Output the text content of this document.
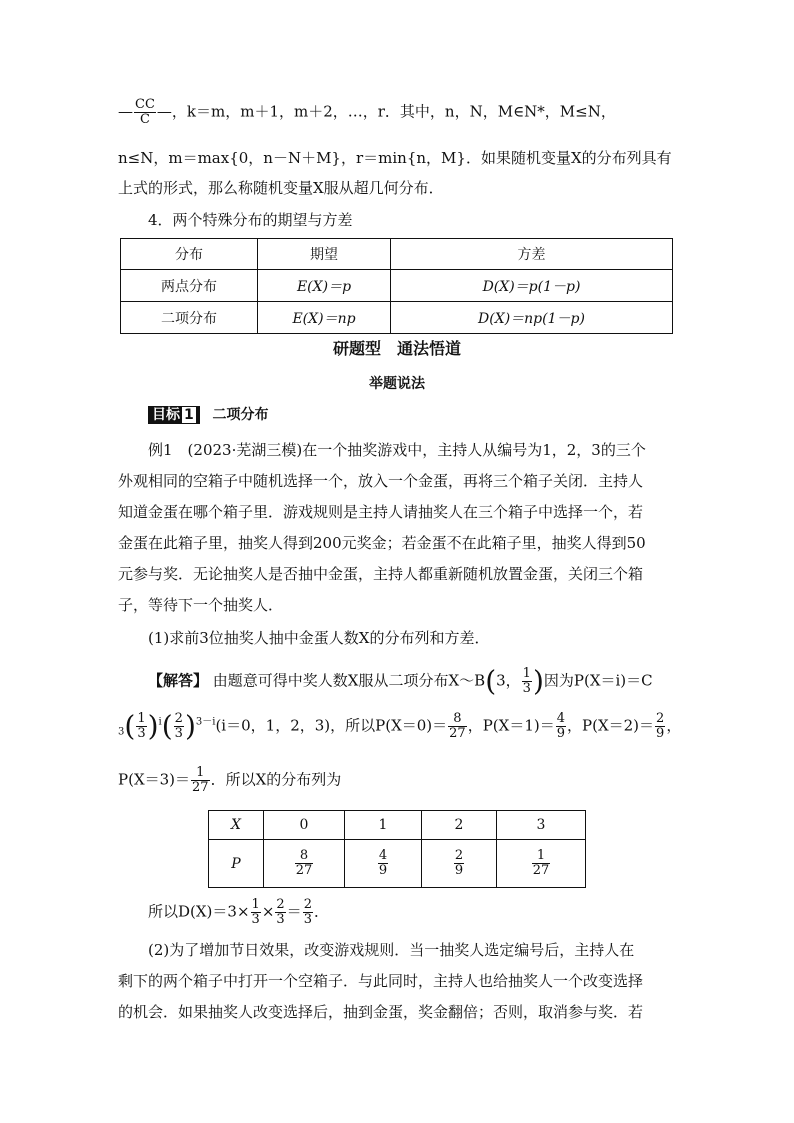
— $\frac{CC}{C}$ —，k＝m，m＋1，m＋2，…，r．其中，n，N，M∈N*，M≤N，
n≤N，m＝max{0，n－N＋M}，r＝min{n，M}．如果随机变量X的分布列具有
上式的形式，那么称随机变量X服从超几何分布．
4．两个特殊分布的期望与方差
分布	期望	方差
两点分布	E(X)＝p	D(X)＝p(1－p)
二项分布	E(X)＝np	D(X)＝np(1－p)
研题型　通法悟道
举题说法
目标 1 二项分布
例1　(2023·芜湖三模)在一个抽奖游戏中，主持人从编号为1，2，3的三个
外观相同的空箱子中随机选择一个，放入一个金蛋，再将三个箱子关闭．主持人
知道金蛋在哪个箱子里．游戏规则是主持人请抽奖人在三个箱子中选择一个，若
金蛋在此箱子里，抽奖人得到200元奖金；若金蛋不在此箱子里，抽奖人得到50
元参与奖．无论抽奖人是否抽中金蛋，主持人都重新随机放置金蛋，关闭三个箱
子，等待下一个抽奖人．
(1)求前3位抽奖人抽中金蛋人数X的分布列和方差．
【解答】 由题意可得中奖人数X服从二项分布X～B(3， $\frac{1}{3}$ )因为P(X＝i)＝C
$_3( \frac{1}{3} )^i( \frac{2}{3} )^{3-i}(i=0$，1，2，3)，所以$P(X=0)= \frac{8}{27}$ ，$P(X=1)= \frac{4}{9}$ ，$P(X=2)= \frac{2}{9}$ ，
$P(X=3)= \frac{1}{27}$ ．所以X的分布列为
X	0	1	2	3
P	$\frac{8}{27}$	$\frac{4}{9}$	$\frac{2}{9}$	$\frac{1}{27}$
所以$D(X)=3\times \frac{1}{3} \times \frac{2}{3} = \frac{2}{3}$ ．
(2)为了增加节日效果，改变游戏规则．当一抽奖人选定编号后，主持人在
剩下的两个箱子中打开一个空箱子．与此同时，主持人也给抽奖人一个改变选择
的机会．如果抽奖人改变选择后，抽到金蛋，奖金翻倍；否则，取消参与奖．若
